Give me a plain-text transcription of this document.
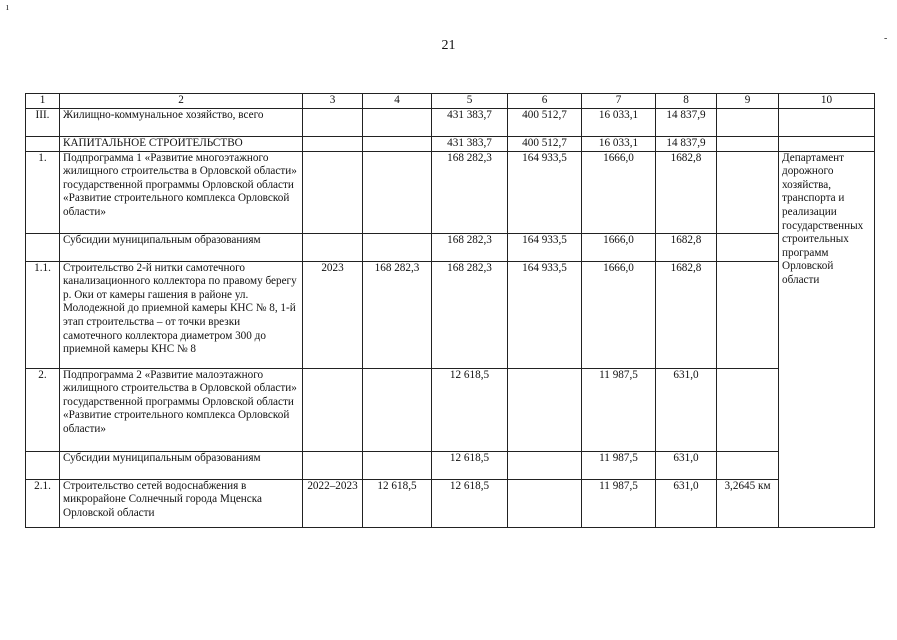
ı
-
21
1	2	3	4	5	6	7	8	9	10
III.	Жилищно-коммунальное хозяйство, всего			431 383,7	400 512,7	16 033,1	14 837,9		
	КАПИТАЛЬНОЕ СТРОИТЕЛЬСТВО			431 383,7	400 512,7	16 033,1	14 837,9		
1.	Подпрограмма 1 «Развитие многоэтажного жилищного строительства в Орловской области» государственной программы Орловской области «Развитие строительного комплекса Орловской области»			168 282,3	164 933,5	1666,0	1682,8		Департамент дорожного хозяйства, транспорта и реализации государственных строительных программ Орловской области
	Субсидии муниципальным образованиям			168 282,3	164 933,5	1666,0	1682,8		
1.1.	Строительство 2-й нитки самотечного канализационного коллектора по правому берегу р. Оки от камеры гашения в районе ул. Молодежной до приемной камеры КНС № 8, 1-й этап строительства – от точки врезки самотечного коллектора диаметром 300 до приемной камеры КНС № 8	2023	168 282,3	168 282,3	164 933,5	1666,0	1682,8		
2.	Подпрограмма 2 «Развитие малоэтажного жилищного строительства в Орловской области» государственной программы Орловской области «Развитие строительного комплекса Орловской области»			12 618,5		11 987,5	631,0		
	Субсидии муниципальным образованиям			12 618,5		11 987,5	631,0		
2.1.	Строительство сетей водоснабжения в микрорайоне Солнечный города Мценска Орловской области	2022–2023	12 618,5	12 618,5		11 987,5	631,0	3,2645 км	
